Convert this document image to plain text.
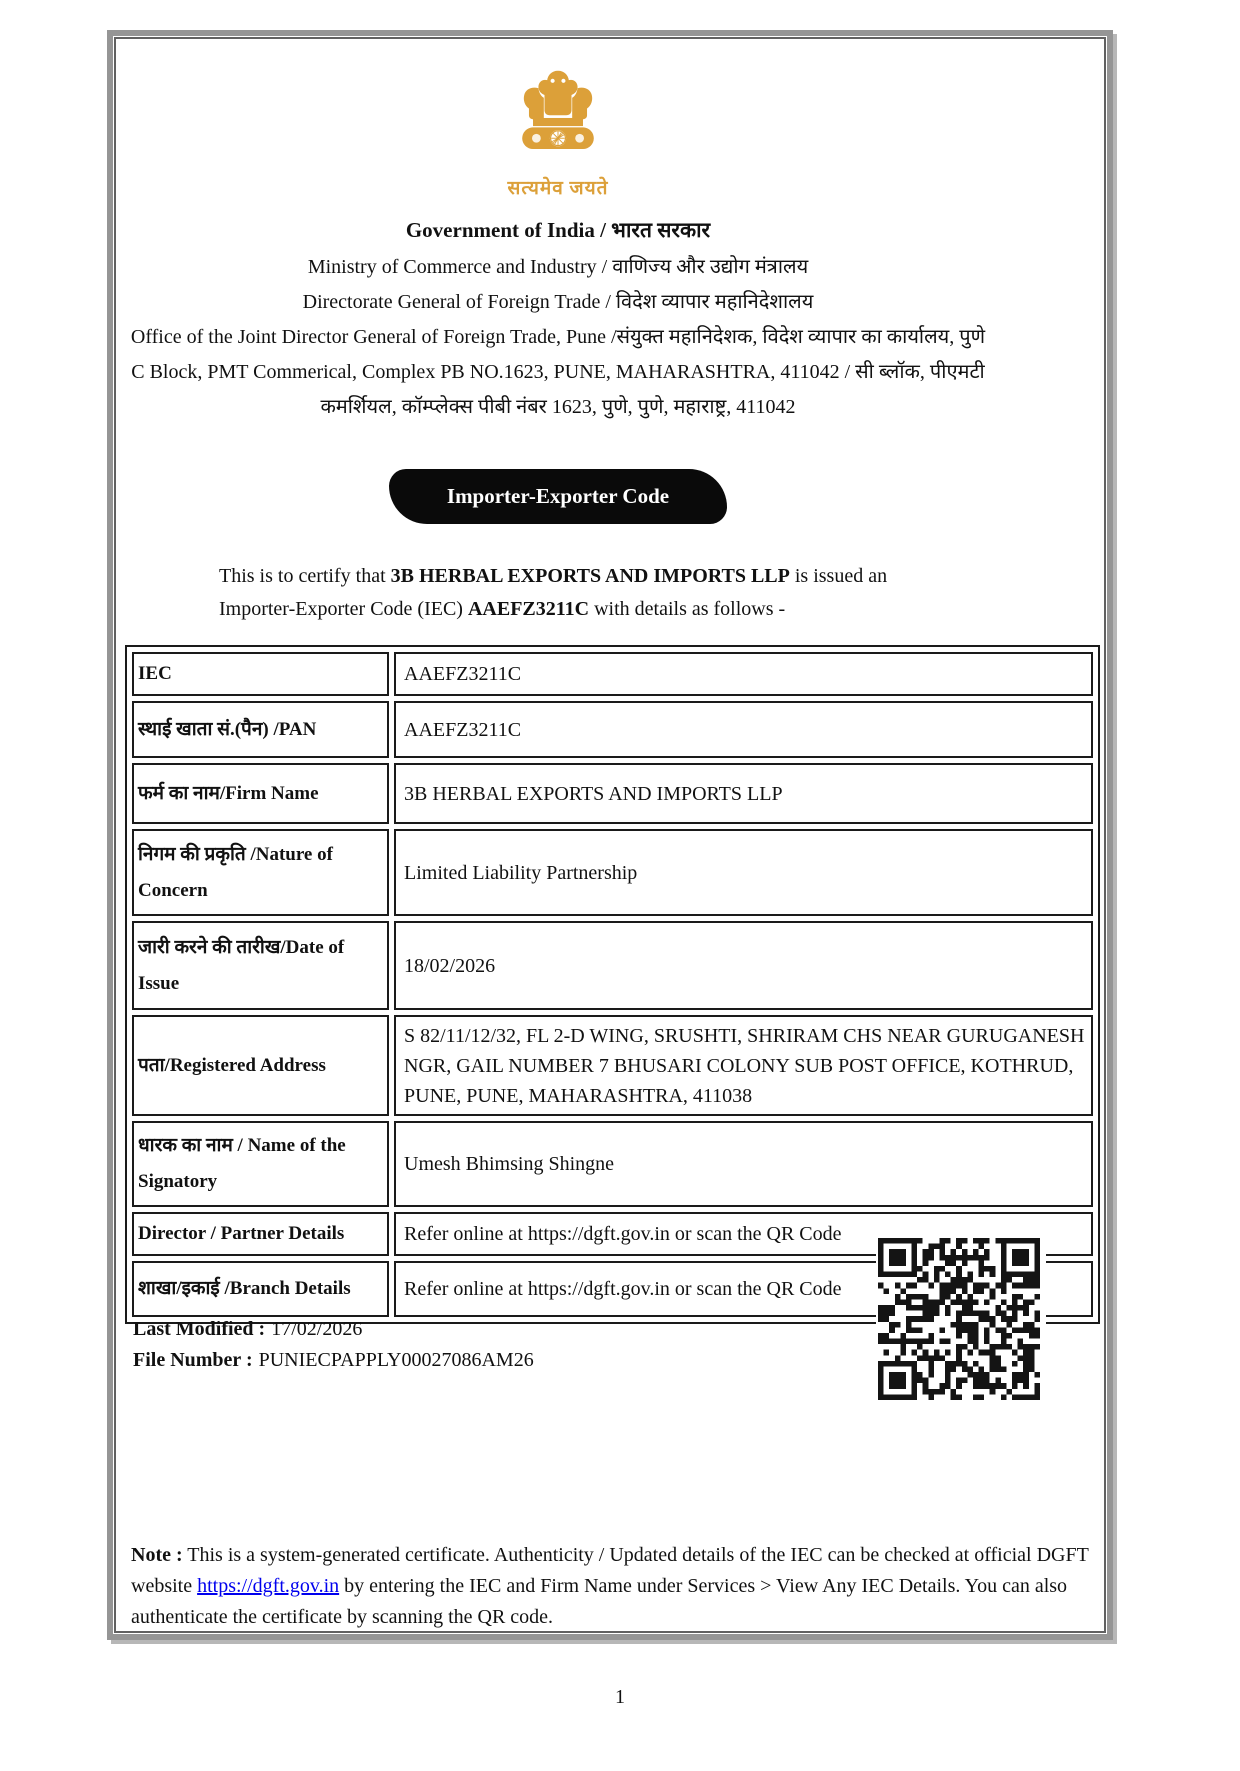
सत्यमेव जयते
Government of India / भारत सरकार
Ministry of Commerce and Industry / वाणिज्य और उद्योग मंत्रालय
Directorate General of Foreign Trade / विदेश व्यापार महानिदेशालय
Office of the Joint Director General of Foreign Trade, Pune /संयुक्त महानिदेशक, विदेश व्यापार का कार्यालय, पुणे
C Block, PMT Commerical, Complex PB NO.1623, PUNE, MAHARASHTRA, 411042 / सी ब्लॉक, पीएमटी
कमर्शियल, कॉम्प्लेक्स पीबी नंबर 1623, पुणे, पुणे, महाराष्ट्र, 411042
Importer-Exporter Code

This is to certify that 3B HERBAL EXPORTS AND IMPORTS LLP is issued an Importer-Exporter Code (IEC) AAEFZ3211C with details as follows -

IEC	AAEFZ3211C
स्थाई खाता सं.(पैन) /PAN	AAEFZ3211C
फर्म का नाम/Firm Name	3B HERBAL EXPORTS AND IMPORTS LLP
निगम की प्रकृति /Nature of Concern	Limited Liability Partnership
जारी करने की तारीख/Date of Issue	18/02/2026
पता/Registered Address	S 82/11/12/32, FL 2-D WING, SRUSHTI, SHRIRAM CHS NEAR GURUGANESH NGR, GAIL NUMBER 7 BHUSARI COLONY SUB POST OFFICE, KOTHRUD, PUNE, PUNE, MAHARASHTRA, 411038
धारक का नाम / Name of the Signatory	Umesh Bhimsing Shingne
Director / Partner Details	Refer online at https://dgft.gov.in or scan the QR Code
शाखा/इकाई /Branch Details	Refer online at https://dgft.gov.in or scan the QR Code
Last Modified : 17/02/2026
File Number : PUNIECPAPPLY00027086AM26

Note : This is a system-generated certificate. Authenticity / Updated details of the IEC can be checked at official DGFT website https://dgft.gov.in by entering the IEC and Firm Name under Services > View Any IEC Details. You can also authenticate the certificate by scanning the QR code.

1
